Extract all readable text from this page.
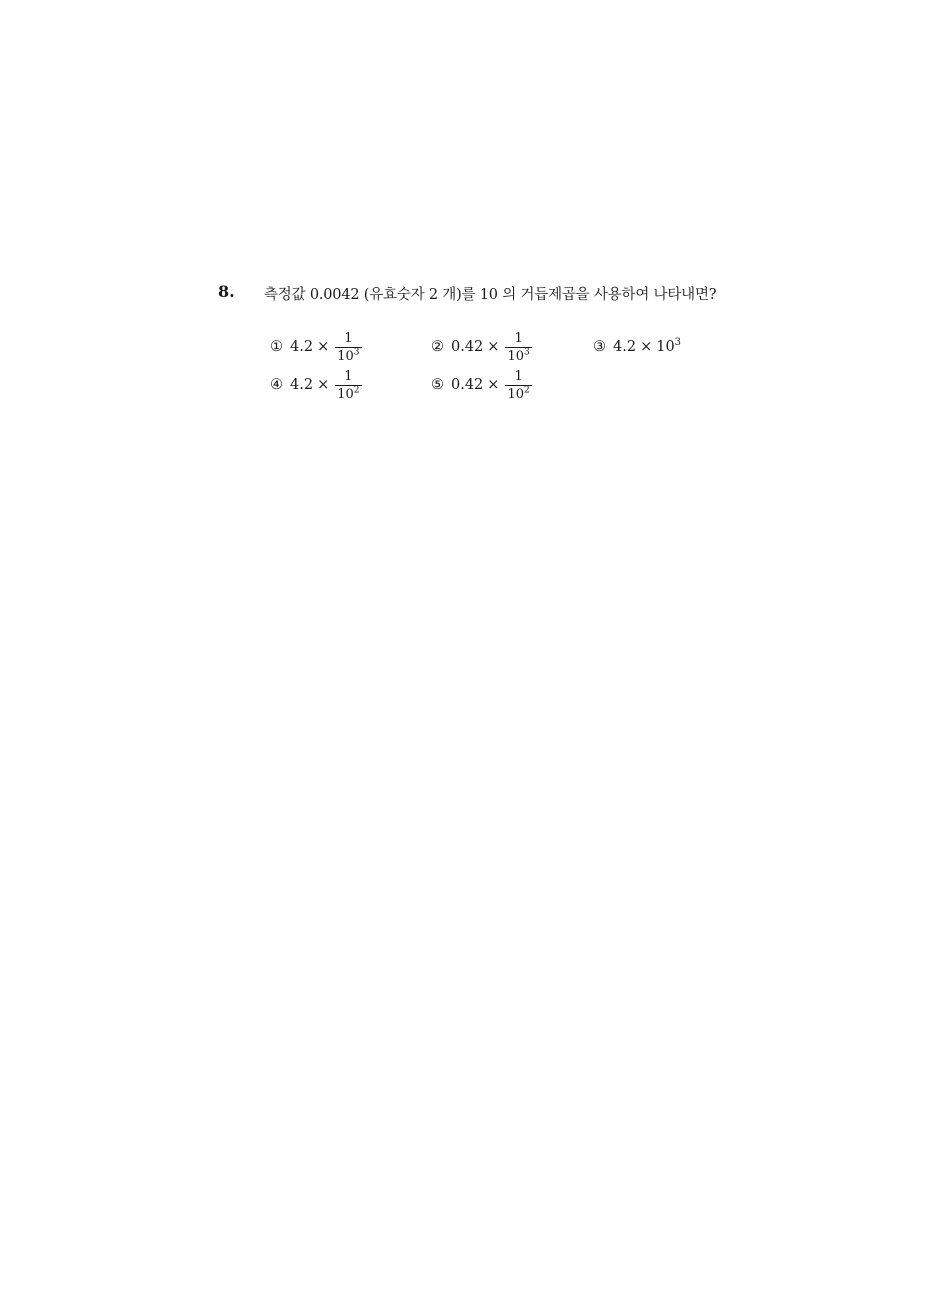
8. 측정값 0.0042 (유효숫자 2 개)를 10 의 거듭제곱을 사용하여 나타내면?
① $4.2 \times \frac{1}{10^3}$	② $0.42 \times \frac{1}{10^3}$	③ $4.2 \times 10^3$
④ $4.2 \times \frac{1}{10^2}$	⑤ $0.42 \times \frac{1}{10^2}$
